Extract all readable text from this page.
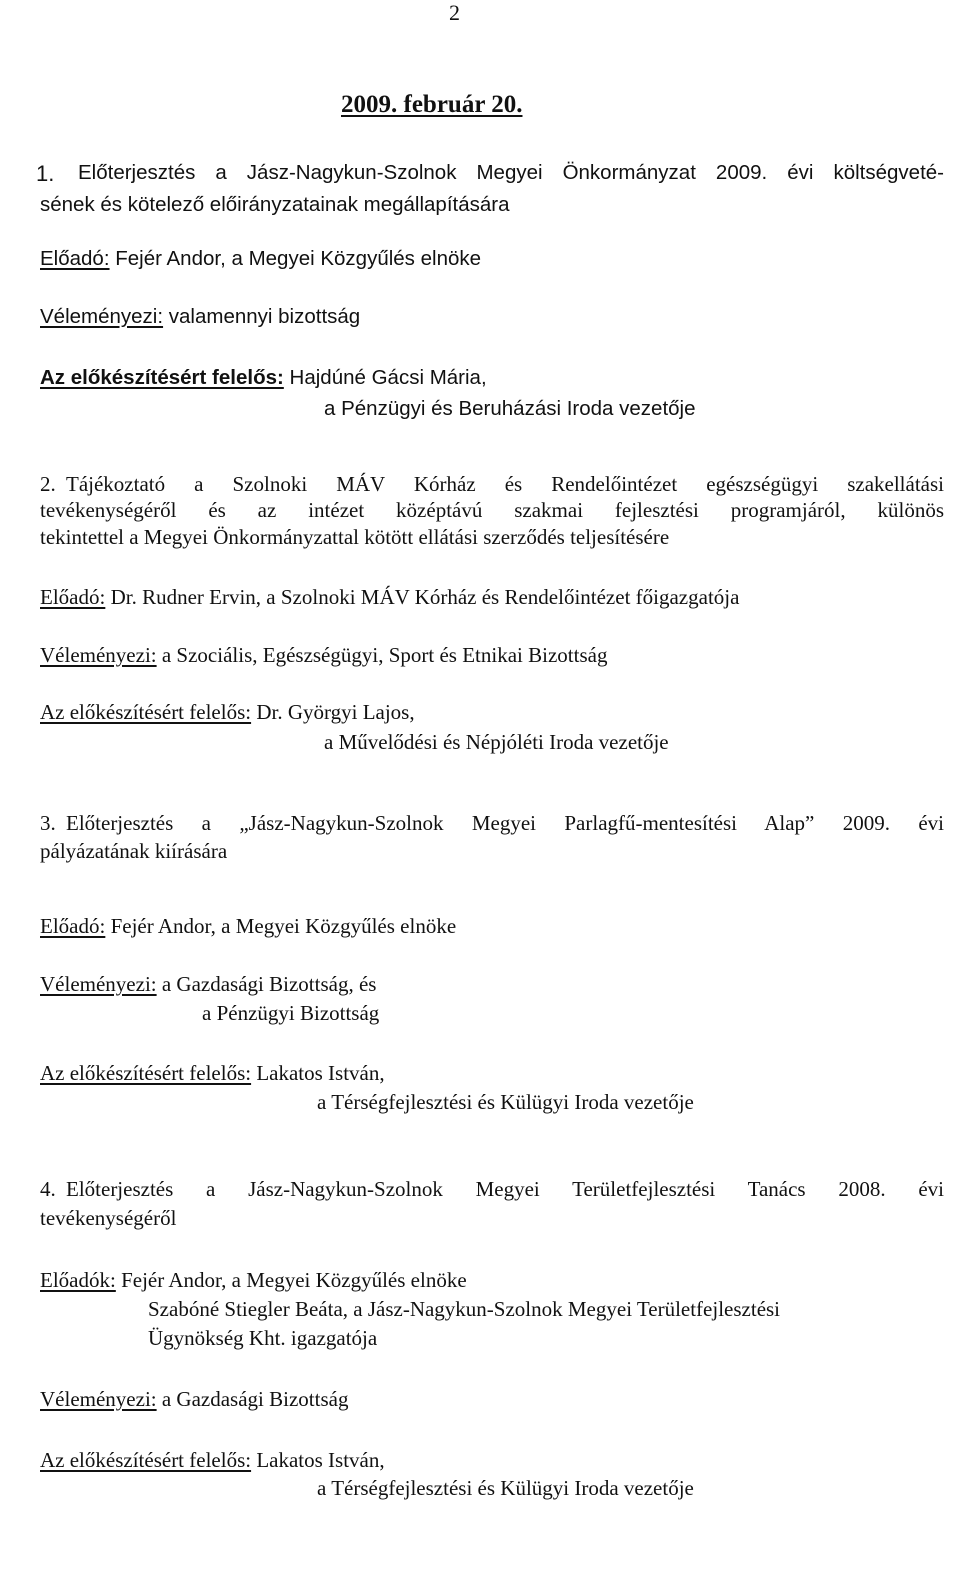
2
2009. február 20.
1. Előterjesztés a Jász-Nagykun-Szolnok Megyei Önkormányzat 2009. évi költségveté-
sének és kötelező előirányzatainak megállapítására
Előadó: Fejér Andor, a Megyei Közgyűlés elnöke
Véleményezi: valamennyi bizottság
Az előkészítésért felelős: Hajdúné Gácsi Mária,
a Pénzügyi és Beruházási Iroda vezetője
2. Tájékoztató a Szolnoki MÁV Kórház és Rendelőintézet egészségügyi szakellátási
tevékenységéről és az intézet középtávú szakmai fejlesztési programjáról, különös
tekintettel a Megyei Önkormányzattal kötött ellátási szerződés teljesítésére
Előadó: Dr. Rudner Ervin, a Szolnoki MÁV Kórház és Rendelőintézet főigazgatója
Véleményezi: a Szociális, Egészségügyi, Sport és Etnikai Bizottság
Az előkészítésért felelős: Dr. Györgyi Lajos,
a Művelődési és Népjóléti Iroda vezetője
3. Előterjesztés a „Jász-Nagykun-Szolnok Megyei Parlagfű-mentesítési Alap” 2009. évi
pályázatának kiírására
Előadó: Fejér Andor, a Megyei Közgyűlés elnöke
Véleményezi: a Gazdasági Bizottság, és
a Pénzügyi Bizottság
Az előkészítésért felelős: Lakatos István,
a Térségfejlesztési és Külügyi Iroda vezetője
4. Előterjesztés a Jász-Nagykun-Szolnok Megyei Területfejlesztési Tanács 2008. évi
tevékenységéről
Előadók: Fejér Andor, a Megyei Közgyűlés elnöke
Szabóné Stiegler Beáta, a Jász-Nagykun-Szolnok Megyei Területfejlesztési
Ügynökség Kht. igazgatója
Véleményezi: a Gazdasági Bizottság
Az előkészítésért felelős: Lakatos István,
a Térségfejlesztési és Külügyi Iroda vezetője
